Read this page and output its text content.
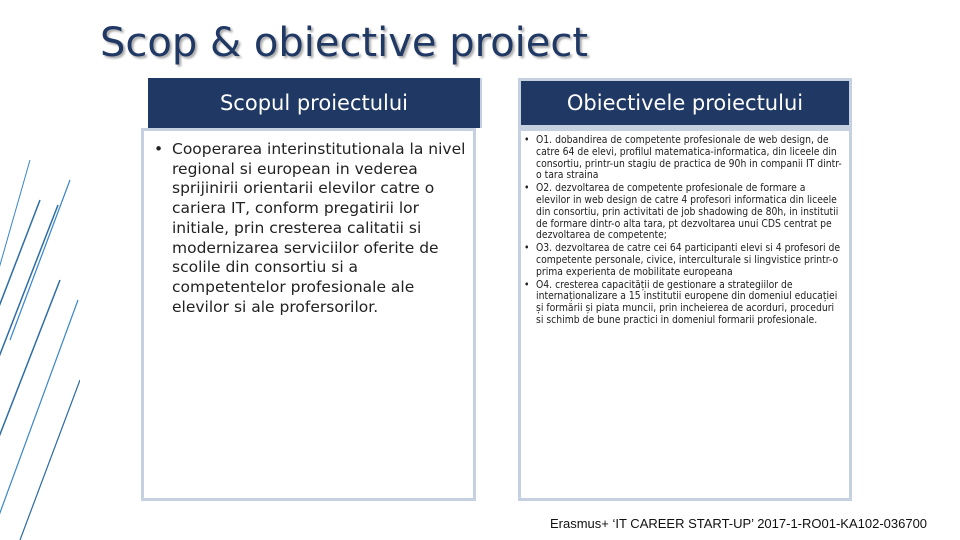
Scop & obiective proiect
Scopul proiectului
• Cooperarea interinstitutionala la nivel regional si european in vederea sprijinirii orientarii elevilor catre o cariera IT, conform pregatirii lor initiale, prin cresterea calitatii si modernizarea serviciilor oferite de scolile din consortiu si a competentelor profesionale ale elevilor si ale profersorilor.
Obiectivele proiectului
• O1. dobandirea de competente profesionale de web design, de catre 64 de elevi, profilul matematica-informatica, din liceele din consortiu, printr-un stagiu de practica de 90h in companii IT dintr-o tara straina
• O2. dezvoltarea de competente profesionale de formare a elevilor in web design de catre 4 profesori informatica din liceele din consortiu, prin activitati de job shadowing de 80h, in institutii de formare dintr-o alta tara, pt dezvoltarea unui CDS centrat pe dezvoltarea de competente;
• O3. dezvoltarea de catre cei 64 participanti elevi si 4 profesori de competente personale, civice, interculturale si lingvistice printr-o prima experienta de mobilitate europeana
• O4. cresterea capacității de gestionare a strategiilor de internaționalizare a 15 institutii europene din domeniul educației și formării și piata muncii, prin incheierea de acorduri, proceduri si schimb de bune practici in domeniul formarii profesionale.
Erasmus+ ‘IT CAREER START-UP’ 2017-1-RO01-KA102-036700
